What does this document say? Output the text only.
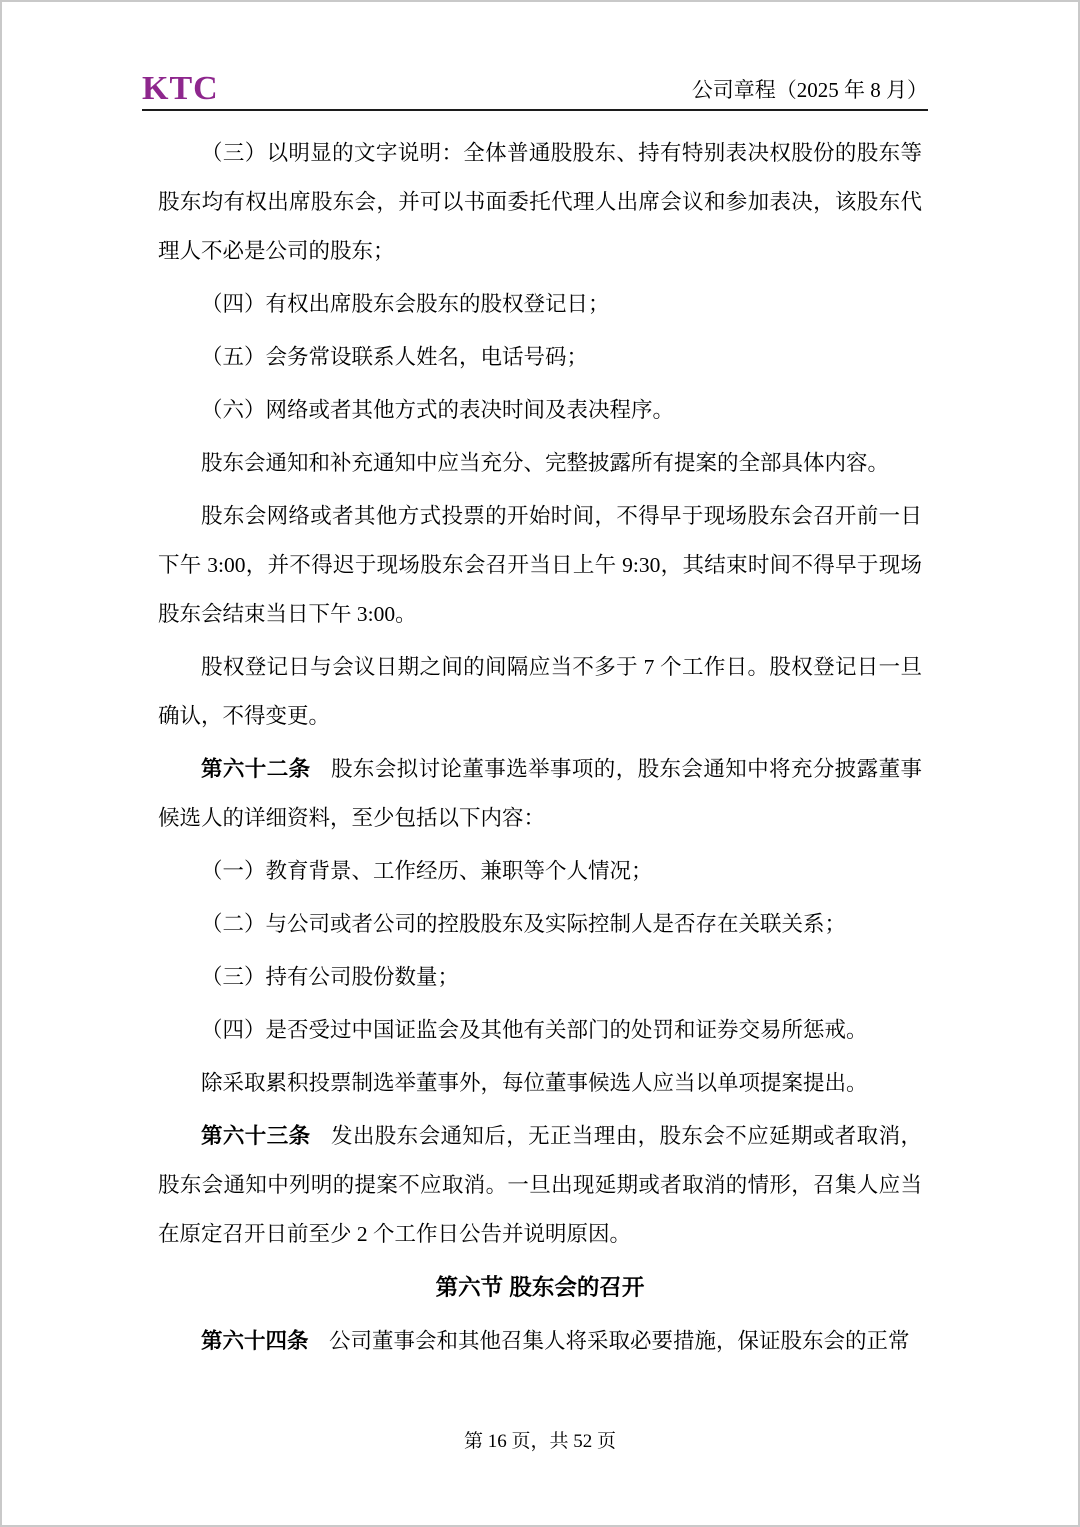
KTC	公司章程（2025 年 8 月）

（三）以明显的文字说明：全体普通股股东、持有特别表决权股份的股东等股东均有权出席股东会，并可以书面委托代理人出席会议和参加表决，该股东代理人不必是公司的股东；

（四）有权出席股东会股东的股权登记日；

（五）会务常设联系人姓名，电话号码；

（六）网络或者其他方式的表决时间及表决程序。

股东会通知和补充通知中应当充分、完整披露所有提案的全部具体内容。

股东会网络或者其他方式投票的开始时间，不得早于现场股东会召开前一日下午 3:00，并不得迟于现场股东会召开当日上午 9:30，其结束时间不得早于现场股东会结束当日下午 3:00。

股权登记日与会议日期之间的间隔应当不多于 7 个工作日。股权登记日一旦确认，不得变更。

第六十二条 股东会拟讨论董事选举事项的，股东会通知中将充分披露董事候选人的详细资料，至少包括以下内容：

（一）教育背景、工作经历、兼职等个人情况；

（二）与公司或者公司的控股股东及实际控制人是否存在关联关系；

（三）持有公司股份数量；

（四）是否受过中国证监会及其他有关部门的处罚和证券交易所惩戒。

除采取累积投票制选举董事外，每位董事候选人应当以单项提案提出。

第六十三条 发出股东会通知后，无正当理由，股东会不应延期或者取消，股东会通知中列明的提案不应取消。一旦出现延期或者取消的情形，召集人应当在原定召开日前至少 2 个工作日公告并说明原因。

第六节 股东会的召开

第六十四条 公司董事会和其他召集人将采取必要措施，保证股东会的正常

第 16 页，共 52 页
